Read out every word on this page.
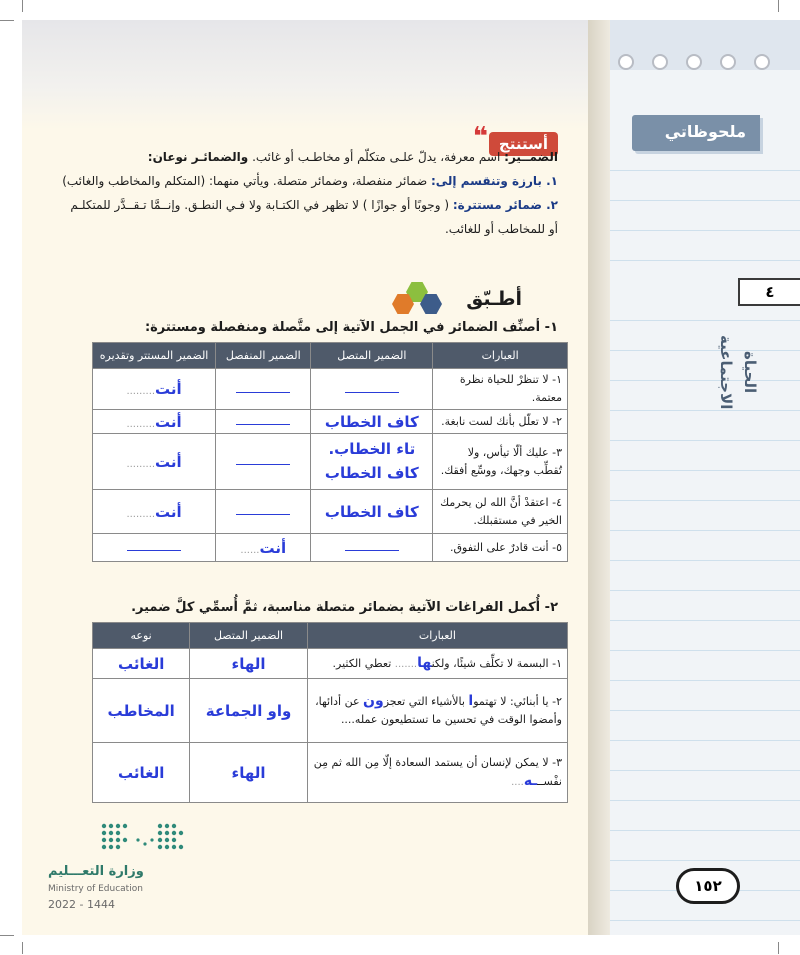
❝ أستنتج
الضمــير: اسم معرفة، يدلّ علـى متكلّم أو مخاطـب أو غائب. والضمائـر نوعان:
١. بارزة وتنقسم إلى: ضمائر منفصلة، وضمائر متصلة. ويأتي منهما: (المتكلم والمخاطب والغائب)
٢. ضمائر مستترة: ( وجوبًا أو جوازًا ) لا تظهر في الكتـابة ولا فـي النطـق. وإنــمَّا تـقــدَّر للمتكلـم
أو للمخاطب أو للغائب.
أطـبّق
١- أصنِّف الضمائر في الجمل الآتية إلى متَّصلة ومنفصلة ومستترة:
العبارات	الضمير المتصل	الضمير المنفصل	الضمير المستتر وتقديره
١- لا تنظرْ للحياة نظرة معتمة.			أنت.........
٢- لا تعلّل بأنك لست نابغة.	كاف الخطاب		أنت.........
٣- عليك ألّا تيأس، ولا تُقطِّب وجهك، ووسِّع أفقك.	تاء الخطاب. كاف الخطاب		أنت.........
٤- اعتقدْ أنَّ الله لن يحرمك الخير في مستقبلك.	كاف الخطاب		أنت.........
٥- أنت قادرٌ على التفوق.		أنت......	
٢- أُكمل الفراغات الآتية بضمائر متصلة مناسبة، ثمَّ أُسمِّي كلَّ ضمير.
العبارات	الضمير المتصل	نوعه
١- البسمة لا تكلِّف شيئًا، ولكنها....... تعطي الكثير.	الهاء	الغائب
٢- يا أبنائي: لا تهتموا بالأشياء التي تعجزون عن أدائها، وأمضوا الوقت في تحسين ما تستطيعون عمله....	واو الجماعة	المخاطب
٣- لا يمكن لإنسان أن يستمد السعادة إلّا مِن الله ثم مِن نفْســـه....	الهاء	الغائب
وزارة التعـــليم
Ministry of Education
2022 - 1444
ملحوظاتي
٤
الحياة الاجتماعية
١٥٢
